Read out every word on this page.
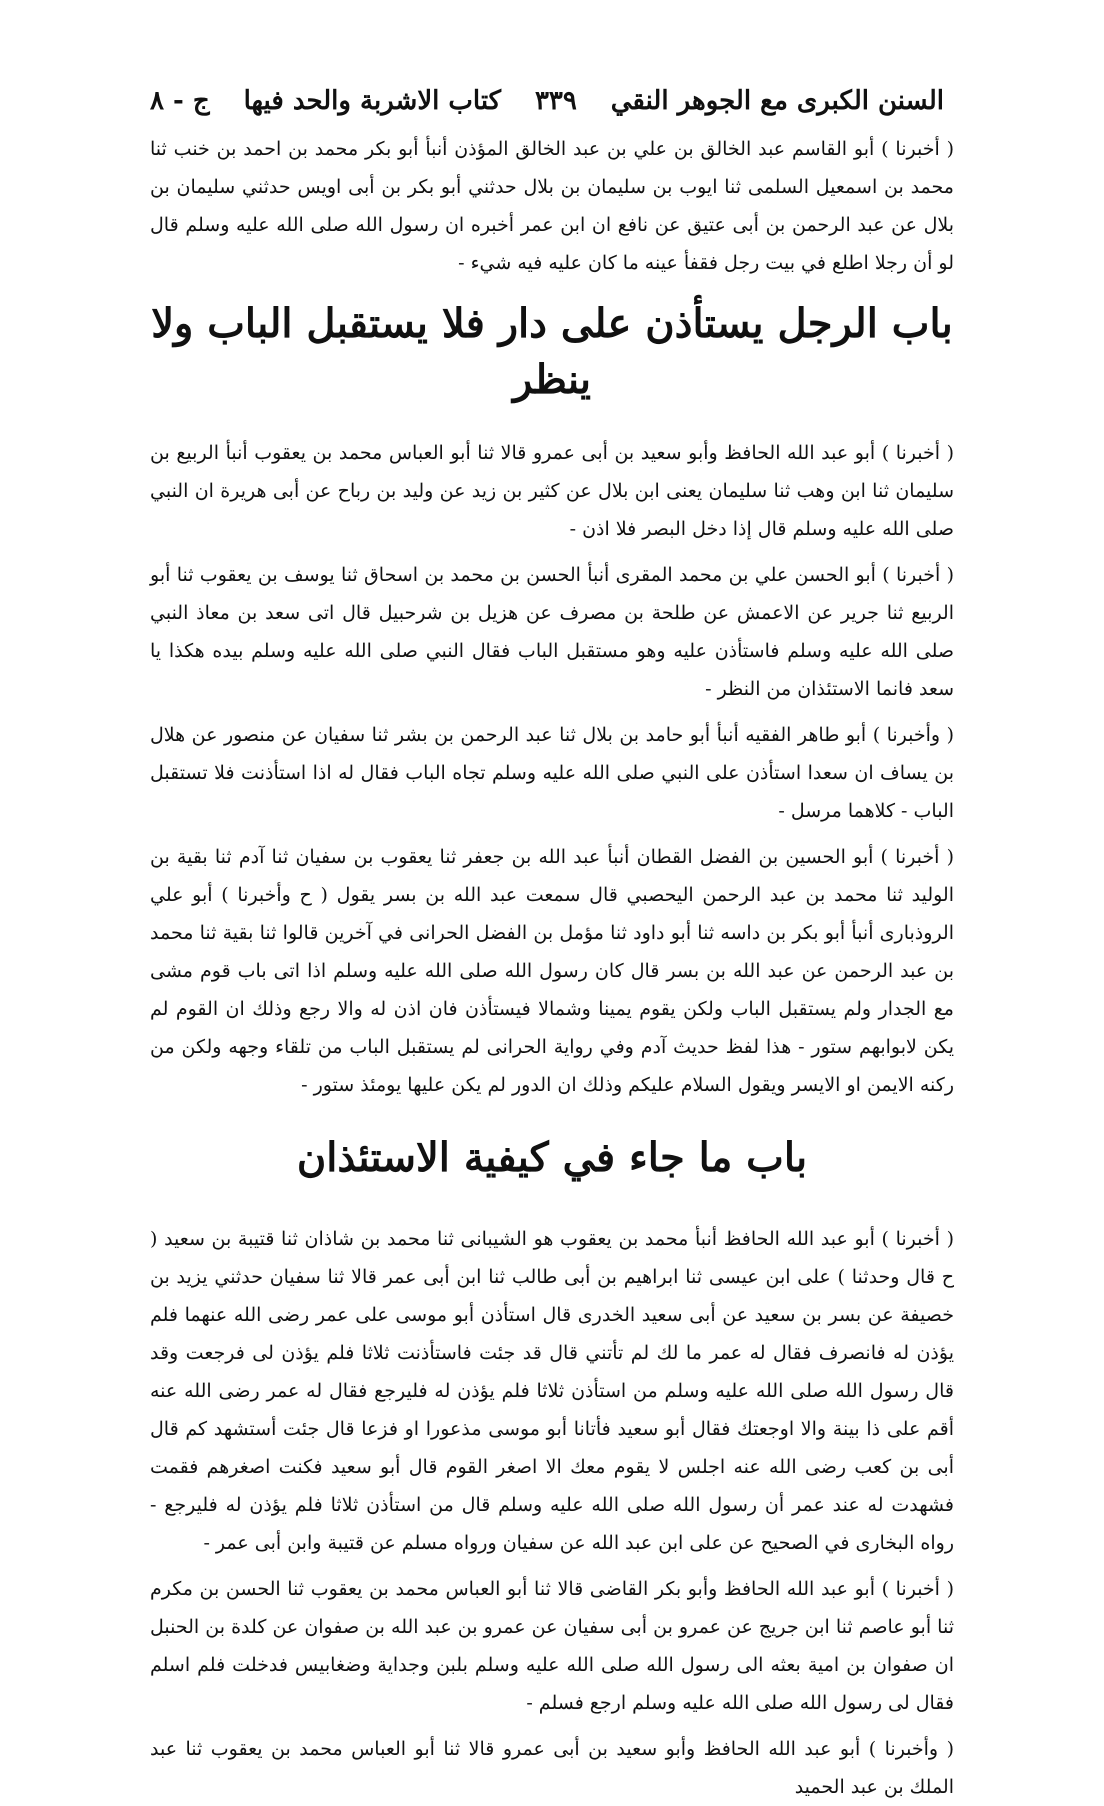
السنن الكبرى مع الجوهر النقي
٣٣٩
كتاب الاشربة والحد فيها
ج - ٨

( أخبرنا ) أبو القاسم عبد الخالق بن علي بن عبد الخالق المؤذن أنبأ أبو بكر محمد بن احمد بن خنب ثنا محمد بن اسمعيل السلمى ثنا ايوب بن سليمان بن بلال حدثني أبو بكر بن أبى اويس حدثني سليمان بن بلال عن عبد الرحمن بن أبى عتيق عن نافع ان ابن عمر أخبره ان رسول الله صلى الله عليه وسلم قال لو أن رجلا اطلع في بيت رجل فقفأ عينه ما كان عليه فيه شيء -

باب الرجل يستأذن على دار فلا يستقبل الباب ولا ينظر

( أخبرنا ) أبو عبد الله الحافظ وأبو سعيد بن أبى عمرو قالا ثنا أبو العباس محمد بن يعقوب أنبأ الربيع بن سليمان ثنا ابن وهب ثنا سليمان يعنى ابن بلال عن كثير بن زيد عن وليد بن رباح عن أبى هريرة ان النبي صلى الله عليه وسلم قال إذا دخل البصر فلا اذن -

( أخبرنا ) أبو الحسن علي بن محمد المقرى أنبأ الحسن بن محمد بن اسحاق ثنا يوسف بن يعقوب ثنا أبو الربيع ثنا جرير عن الاعمش عن طلحة بن مصرف عن هزيل بن شرحبيل قال اتى سعد بن معاذ النبي صلى الله عليه وسلم فاستأذن عليه وهو مستقبل الباب فقال النبي صلى الله عليه وسلم بيده هكذا يا سعد فانما الاستئذان من النظر -

( وأخبرنا ) أبو طاهر الفقيه أنبأ أبو حامد بن بلال ثنا عبد الرحمن بن بشر ثنا سفيان عن منصور عن هلال بن يساف ان سعدا استأذن على النبي صلى الله عليه وسلم تجاه الباب فقال له اذا استأذنت فلا تستقبل الباب - كلاهما مرسل -

( أخبرنا ) أبو الحسين بن الفضل القطان أنبأ عبد الله بن جعفر ثنا يعقوب بن سفيان ثنا آدم ثنا بقية بن الوليد ثنا محمد بن عبد الرحمن اليحصبي قال سمعت عبد الله بن بسر يقول ( ح وأخبرنا ) أبو علي الروذبارى أنبأ أبو بكر بن داسه ثنا أبو داود ثنا مؤمل بن الفضل الحرانى في آخرين قالوا ثنا بقية ثنا محمد بن عبد الرحمن عن عبد الله بن بسر قال كان رسول الله صلى الله عليه وسلم اذا اتى باب قوم مشى مع الجدار ولم يستقبل الباب ولكن يقوم يمينا وشمالا فيستأذن فان اذن له والا رجع وذلك ان القوم لم يكن لابوابهم ستور - هذا لفظ حديث آدم وفي رواية الحرانى لم يستقبل الباب من تلقاء وجهه ولكن من ركنه الايمن او الايسر ويقول السلام عليكم وذلك ان الدور لم يكن عليها يومئذ ستور -

باب ما جاء في كيفية الاستئذان

( أخبرنا ) أبو عبد الله الحافظ أنبأ محمد بن يعقوب هو الشيبانى ثنا محمد بن شاذان ثنا قتيبة بن سعيد ( ح قال وحدثنا ) على ابن عيسى ثنا ابراهيم بن أبى طالب ثنا ابن أبى عمر قالا ثنا سفيان حدثني يزيد بن خصيفة عن بسر بن سعيد عن أبى سعيد الخدرى قال استأذن أبو موسى على عمر رضى الله عنهما فلم يؤذن له فانصرف فقال له عمر ما لك لم تأتني قال قد جئت فاستأذنت ثلاثا فلم يؤذن لى فرجعت وقد قال رسول الله صلى الله عليه وسلم من استأذن ثلاثا فلم يؤذن له فليرجع فقال له عمر رضى الله عنه أقم على ذا بينة والا اوجعتك فقال أبو سعيد فأتانا أبو موسى مذعورا او فزعا قال جئت أستشهد كم قال أبى بن كعب رضى الله عنه اجلس لا يقوم معك الا اصغر القوم قال أبو سعيد فكنت اصغرهم فقمت فشهدت له عند عمر أن رسول الله صلى الله عليه وسلم قال من استأذن ثلاثا فلم يؤذن له فليرجع - رواه البخارى في الصحيح عن على ابن عبد الله عن سفيان ورواه مسلم عن قتيبة وابن أبى عمر -

( أخبرنا ) أبو عبد الله الحافظ وأبو بكر القاضى قالا ثنا أبو العباس محمد بن يعقوب ثنا الحسن بن مكرم ثنا أبو عاصم ثنا ابن جريج عن عمرو بن أبى سفيان عن عمرو بن عبد الله بن صفوان عن كلدة بن الحنبل ان صفوان بن امية بعثه الى رسول الله صلى الله عليه وسلم بلبن وجداية وضغابيس فدخلت فلم اسلم فقال لى رسول الله صلى الله عليه وسلم ارجع فسلم -

( وأخبرنا ) أبو عبد الله الحافظ وأبو سعيد بن أبى عمرو قالا ثنا أبو العباس محمد بن يعقوب ثنا عبد الملك بن عبد الحميد
